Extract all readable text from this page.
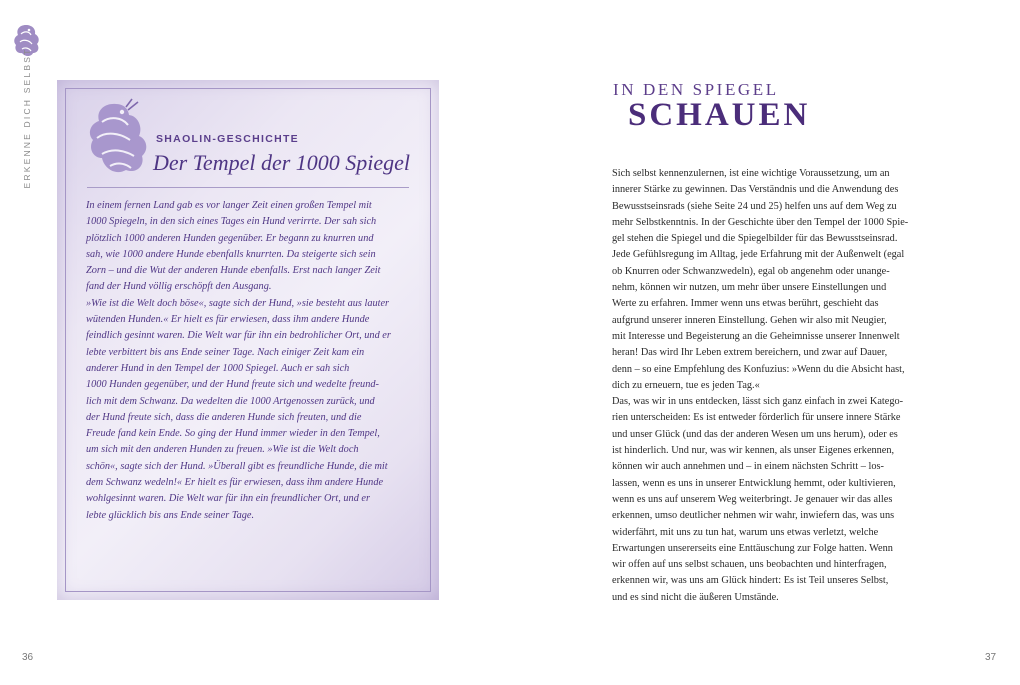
ERKENNE DICH SELBST	SHAOLIN-GESCHICHTE
Der Tempel der 1000 Spiegel
In einem fernen Land gab es vor langer Zeit einen großen Tempel mit
1000 Spiegeln, in den sich eines Tages ein Hund verirrte. Der sah sich
plötzlich 1000 anderen Hunden gegenüber. Er begann zu knurren und
sah, wie 1000 andere Hunde ebenfalls knurrten. Da steigerte sich sein
Zorn – und die Wut der anderen Hunde ebenfalls. Erst nach langer Zeit
fand der Hund völlig erschöpft den Ausgang.
»Wie ist die Welt doch böse«, sagte sich der Hund, »sie besteht aus lauter
wütenden Hunden.« Er hielt es für erwiesen, dass ihm andere Hunde
feindlich gesinnt waren. Die Welt war für ihn ein bedrohlicher Ort, und er
lebte verbittert bis ans Ende seiner Tage. Nach einiger Zeit kam ein
anderer Hund in den Tempel der 1000 Spiegel. Auch er sah sich
1000 Hunden gegenüber, und der Hund freute sich und wedelte freund-
lich mit dem Schwanz. Da wedelten die 1000 Artgenossen zurück, und
der Hund freute sich, dass die anderen Hunde sich freuten, und die
Freude fand kein Ende. So ging der Hund immer wieder in den Tempel,
um sich mit den anderen Hunden zu freuen. »Wie ist die Welt doch
schön«, sagte sich der Hund. »Überall gibt es freundliche Hunde, die mit
dem Schwanz wedeln!« Er hielt es für erwiesen, dass ihm andere Hunde
wohlgesinnt waren. Die Welt war für ihn ein freundlicher Ort, und er
lebte glücklich bis ans Ende seiner Tage.
IN DEN SPIEGEL
SCHAUEN
Sich selbst kennenzulernen, ist eine wichtige Voraussetzung, um an
innerer Stärke zu gewinnen. Das Verständnis und die Anwendung des
Bewusstseinsrads (siehe Seite 24 und 25) helfen uns auf dem Weg zu
mehr Selbstkenntnis. In der Geschichte über den Tempel der 1000 Spie-
gel stehen die Spiegel und die Spiegelbilder für das Bewusstseinsrad.
Jede Gefühlsregung im Alltag, jede Erfahrung mit der Außenwelt (egal
ob Knurren oder Schwanzwedeln), egal ob angenehm oder unange-
nehm, können wir nutzen, um mehr über unsere Einstellungen und
Werte zu erfahren. Immer wenn uns etwas berührt, geschieht das
aufgrund unserer inneren Einstellung. Gehen wir also mit Neugier,
mit Interesse und Begeisterung an die Geheimnisse unserer Innenwelt
heran! Das wird Ihr Leben extrem bereichern, und zwar auf Dauer,
denn – so eine Empfehlung des Konfuzius: »Wenn du die Absicht hast,
dich zu erneuern, tue es jeden Tag.«
Das, was wir in uns entdecken, lässt sich ganz einfach in zwei Katego-
rien unterscheiden: Es ist entweder förderlich für unsere innere Stärke
und unser Glück (und das der anderen Wesen um uns herum), oder es
ist hinderlich. Und nur, was wir kennen, als unser Eigenes erkennen,
können wir auch annehmen und – in einem nächsten Schritt – los-
lassen, wenn es uns in unserer Entwicklung hemmt, oder kultivieren,
wenn es uns auf unserem Weg weiterbringt. Je genauer wir das alles
erkennen, umso deutlicher nehmen wir wahr, inwiefern das, was uns
widerfährt, mit uns zu tun hat, warum uns etwas verletzt, welche
Erwartungen unsererseits eine Enttäuschung zur Folge hatten. Wenn
wir offen auf uns selbst schauen, uns beobachten und hinterfragen,
erkennen wir, was uns am Glück hindert: Es ist Teil unseres Selbst,
und es sind nicht die äußeren Umstände.
36	37
